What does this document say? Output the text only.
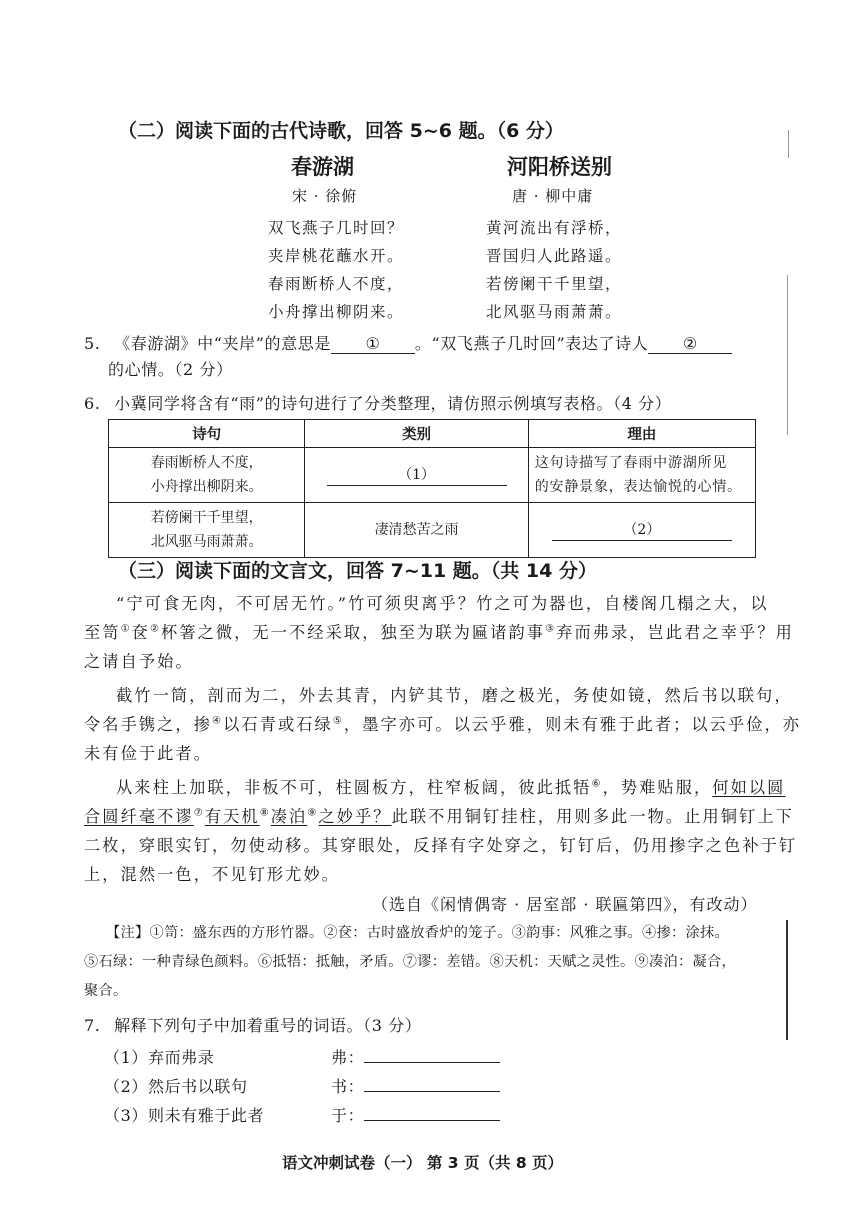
（二）阅读下面的古代诗歌，回答 5~6 题。（6 分）
春游湖
宋 · 徐俯
双飞燕子几时回？
夹岸桃花蘸水开。
春雨断桥人不度，
小舟撑出柳阴来。
河阳桥送别
唐 · 柳中庸
黄河流出有浮桥，
晋国归人此路遥。
若傍阑干千里望，
北风驱马雨萧萧。
5. 《春游湖》中“夹岸”的意思是 ① 。“双飞燕子几时回”表达了诗人 ②
的心情。（2 分）
6. 小冀同学将含有“雨”的诗句进行了分类整理，请仿照示例填写表格。（4 分）
诗句	类别	理由

春雨断桥人不度，
小舟撑出柳阴来。	（1）	这句诗描写了春雨中游湖所见
的安静景象，表达愉悦的心情。

若傍阑干千里望，
北风驱马雨萧萧。	凄清愁苦之雨	（2）
（三）阅读下面的文言文，回答 7~11 题。（共 14 分）
“宁可食无肉，不可居无竹。”竹可须臾离乎？竹之可为器也，自楼阁几榻之大，以
至笥①奁②杯箸之微，无一不经采取，独至为联为匾诸韵事③弃而弗录，岂此君之幸乎？用
之请自予始。
截竹一筒，剖而为二，外去其青，内铲其节，磨之极光，务使如镜，然后书以联句，
令名手镌之，掺④以石青或石绿⑤，墨字亦可。以云乎雅，则未有雅于此者；以云乎俭，亦
未有俭于此者。
从来柱上加联，非板不可，柱圆板方，柱窄板阔，彼此抵牾⑥，势难贴服，何如以圆
合圆纤毫不谬⑦有天机⑧凑泊⑨之妙乎？此联不用铜钉挂柱，用则多此一物。止用铜钉上下
二枚，穿眼实钉，勿使动移。其穿眼处，反择有字处穿之，钉钉后，仍用掺字之色补于钉
上，混然一色，不见钉形尤妙。
（选自《闲情偶寄 · 居室部 · 联匾第四》，有改动）
【注】①笥：盛东西的方形竹器。②奁：古时盛放香炉的笼子。③韵事：风雅之事。④掺：涂抹。
⑤石绿：一种青绿色颜料。⑥抵牾：抵触，矛盾。⑦谬：差错。⑧天机：天赋之灵性。⑨凑泊：凝合，
聚合。
7. 解释下列句子中加着重号的词语。（3 分）
（1）弃而弗录	弗：
（2）然后书以联句	书：
（3）则未有雅于此者	于：
语文冲刺试卷（一） 第 3 页（共 8 页）
